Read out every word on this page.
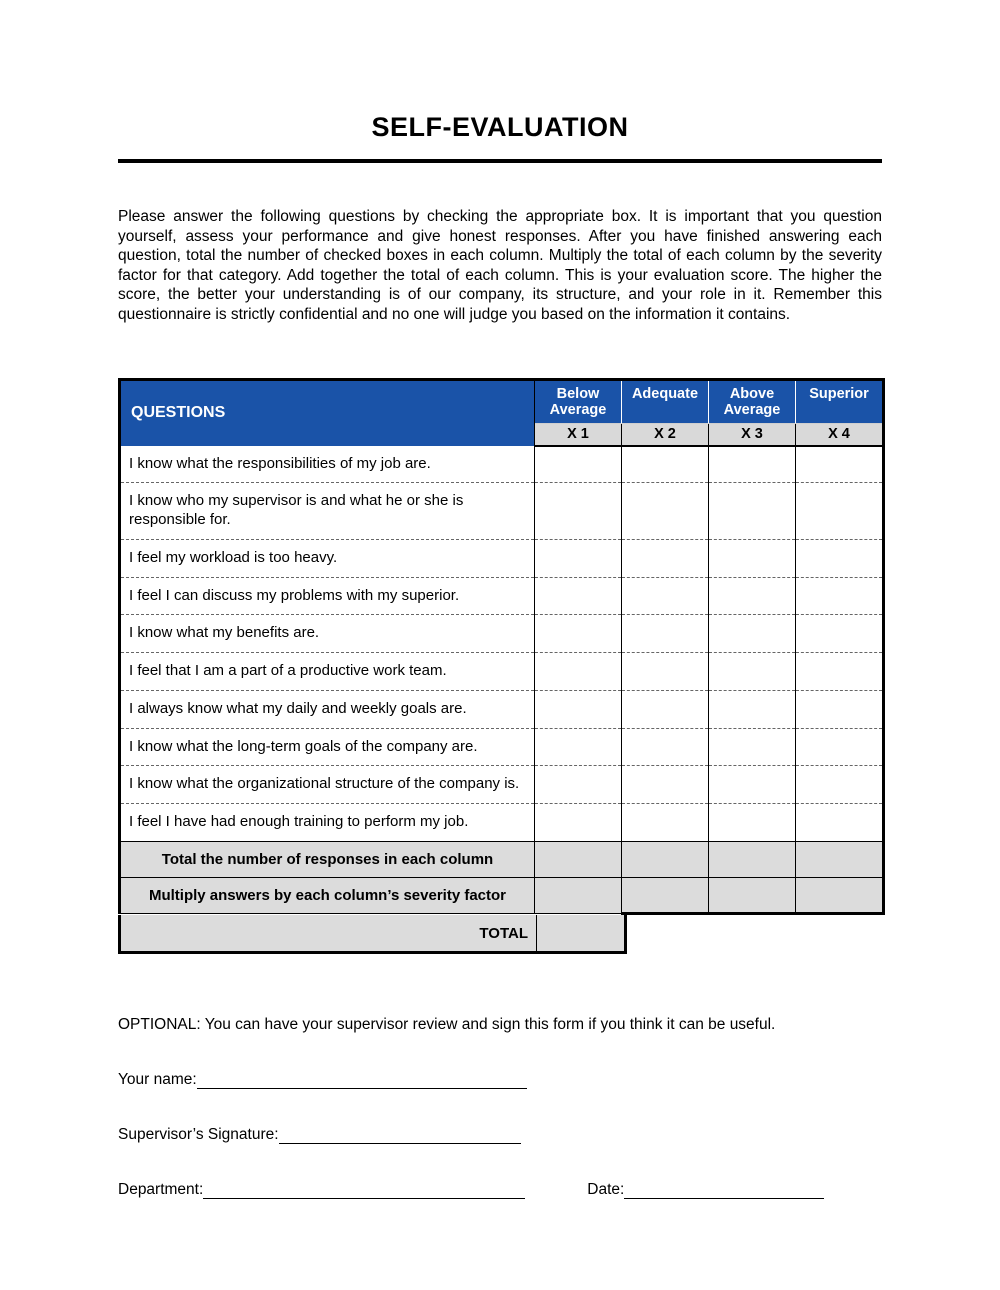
SELF-EVALUATION

Please answer the following questions by checking the appropriate box. It is important that you question yourself, assess your performance and give honest responses. After you have finished answering each question, total the number of checked boxes in each column. Multiply the total of each column by the severity factor for that category. Add together the total of each column. This is your evaluation score. The higher the score, the better your understanding is of our company, its structure, and your role in it. Remember this questionnaire is strictly confidential and no one will judge you based on the information it contains.

QUESTIONS	Below Average	Adequate	Above Average	Superior
	X 1	X 2	X 3	X 4
I know what the responsibilities of my job are.				
I know who my supervisor is and what he or she is responsible for.				
I feel my workload is too heavy.				
I feel I can discuss my problems with my superior.				
I know what my benefits are.				
I feel that I am a part of a productive work team.				
I always know what my daily and weekly goals are.				
I know what the long-term goals of the company are.				
I know what the organizational structure of the company is.				
I feel I have had enough training to perform my job.				
Total the number of responses in each column				
Multiply answers by each column’s severity factor				
TOTAL

OPTIONAL: You can have your supervisor review and sign this form if you think it can be useful.

Your name:
Supervisor’s Signature:
Department:	Date:
